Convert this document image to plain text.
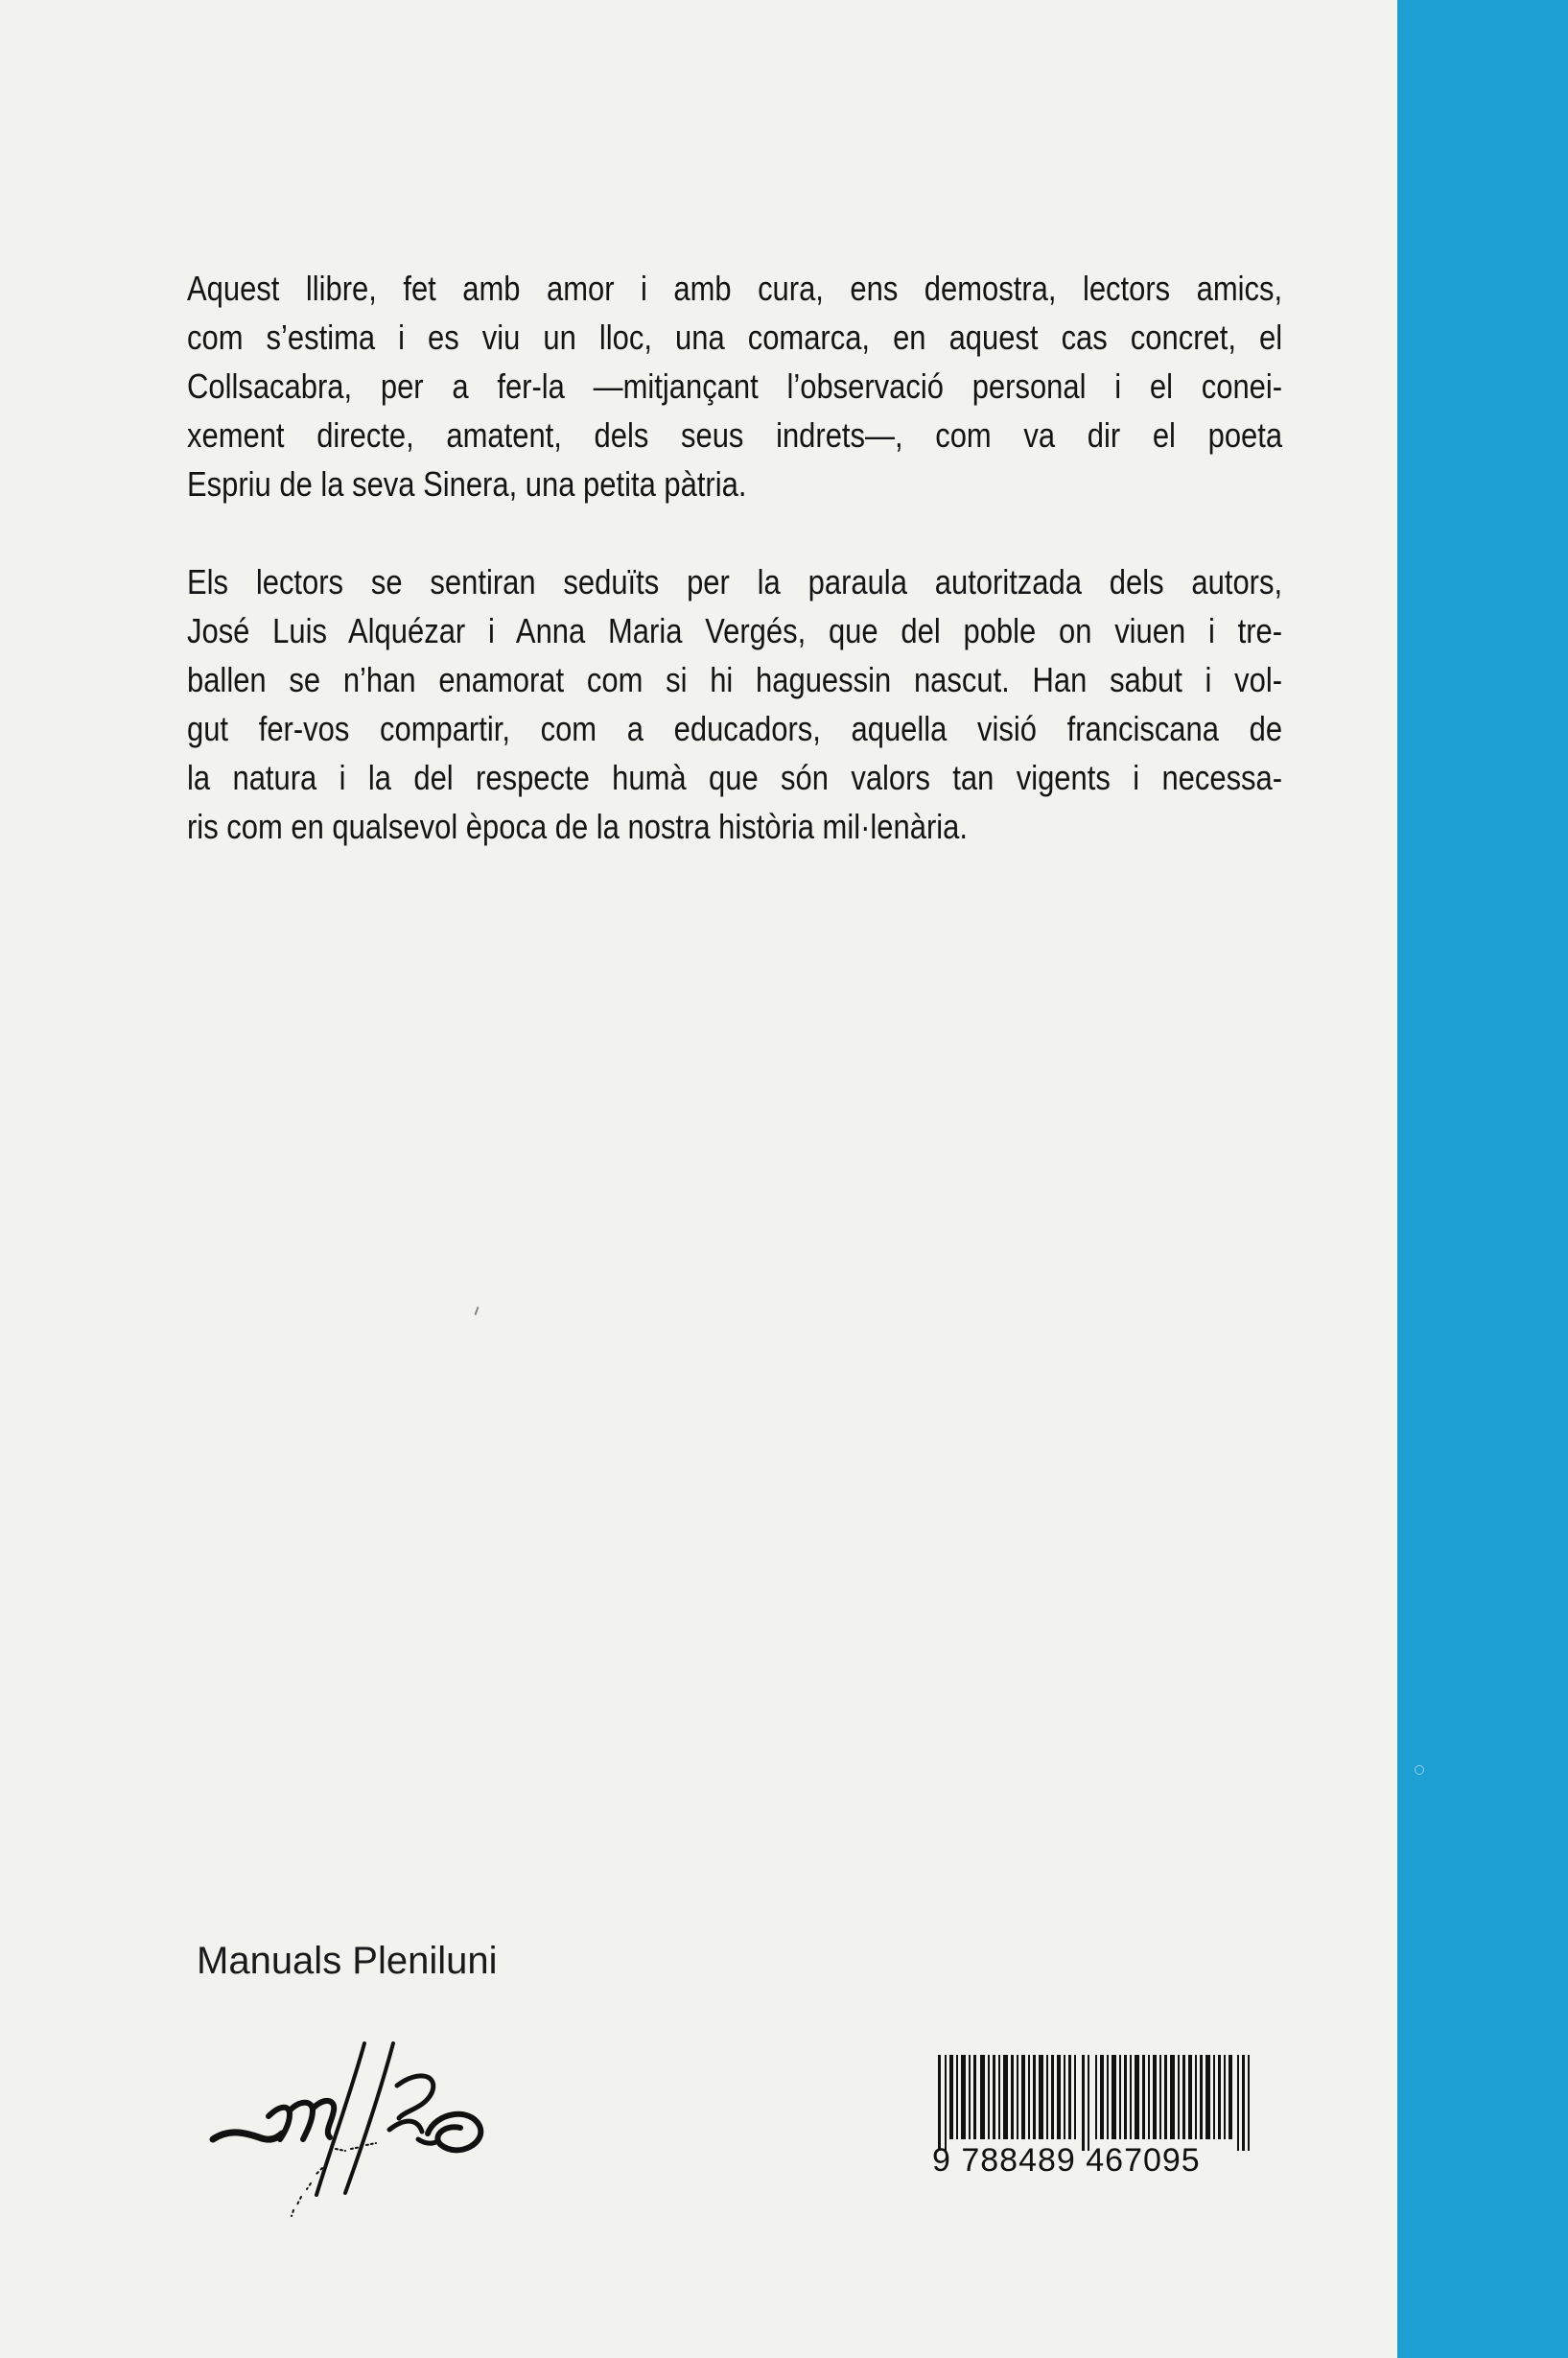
Aquest llibre, fet amb amor i amb cura, ens demostra, lectors amics,
com s’estima i es viu un lloc, una comarca, en aquest cas concret, el
Collsacabra, per a fer-la —mitjançant l’observació personal i el conei-
xement directe, amatent, dels seus indrets—, com va dir el poeta
Espriu de la seva Sinera, una petita pàtria.

Els lectors se sentiran seduïts per la paraula autoritzada dels autors,
José Luis Alquézar i Anna Maria Vergés, que del poble on viuen i tre-
ballen se n’han enamorat com si hi haguessin nascut. Han sabut i vol-
gut fer-vos compartir, com a educadors, aquella visió franciscana de
la natura i la del respecte humà que són valors tan vigents i necessa-
ris com en qualsevol època de la nostra història mil·lenària.

Manuals Pleniluni
9 788489 467095
